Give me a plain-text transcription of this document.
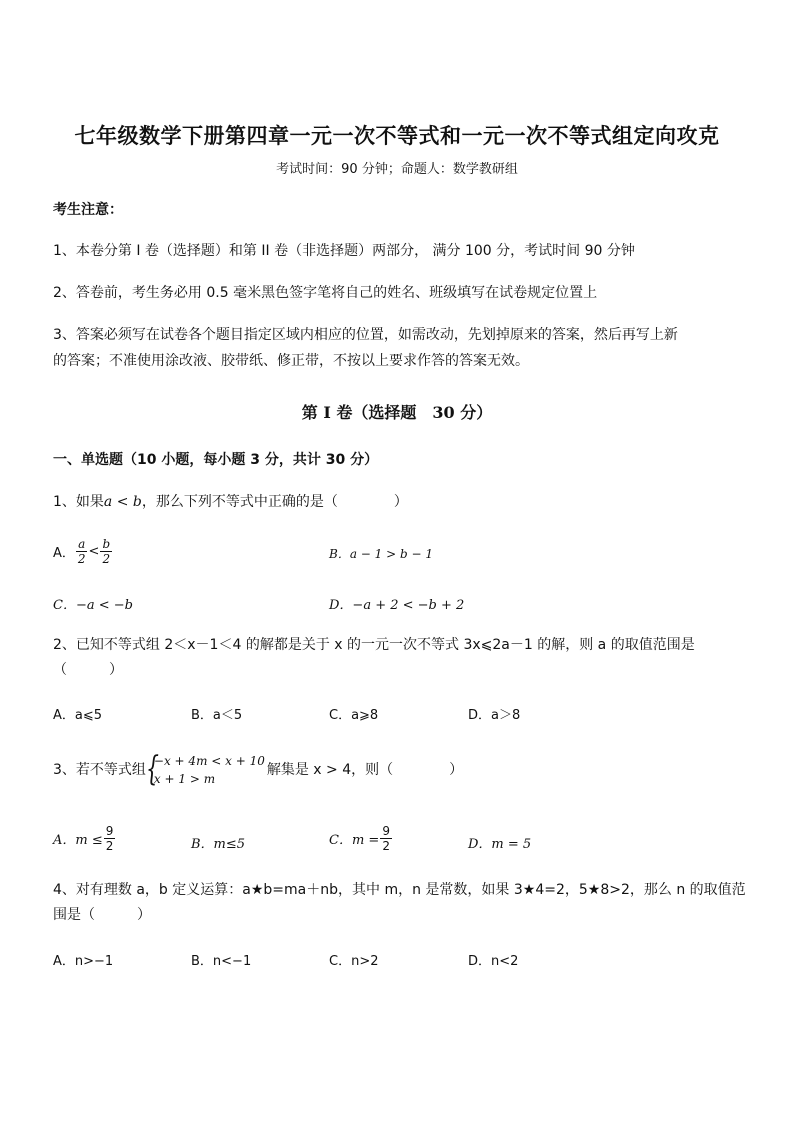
七年级数学下册第四章一元一次不等式和一元一次不等式组定向攻克
考试时间：90 分钟；命题人：数学教研组
考生注意：
1、本卷分第 I 卷（选择题）和第 II 卷（非选择题）两部分， 满分 100 分，考试时间 90 分钟
2、答卷前，考生务必用 0.5 毫米黑色签字笔将自己的姓名、班级填写在试卷规定位置上
3、答案必须写在试卷各个题目指定区域内相应的位置，如需改动，先划掉原来的答案，然后再写上新
的答案；不准使用涂改液、胶带纸、修正带，不按以上要求作答的答案无效。
第 I 卷（选择题　30 分）
一、单选题（10 小题，每小题 3 分，共计 30 分）
1、如果a < b，那么下列不等式中正确的是（　　　　）
A． $\frac{a}{2} < \frac{b}{2}$	B．a − 1 > b − 1
C．−a < −b	D．−a + 2 < −b + 2
2、已知不等式组 2＜x－1＜4 的解都是关于 x 的一元一次不等式 3x⩽2a－1 的解，则 a 的取值范围是
（　　　）
A．a⩽5	B．a＜5	C．a⩾8	D．a＞8
3、若不等式组 {
−x + 4m < x + 10
x + 1 > m
解集是 x > 4，则（　　　　）
A．$m \le \frac{9}{2}$	B．m≤5	C．$m = \frac{9}{2}$	D．m = 5
4、对有理数 a，b 定义运算：a★b=ma＋nb，其中 m，n 是常数，如果 3★4=2，5★8>2，那么 n 的取值范
围是（　　　）
A．n>−1	B．n<−1	C．n>2	D．n<2
